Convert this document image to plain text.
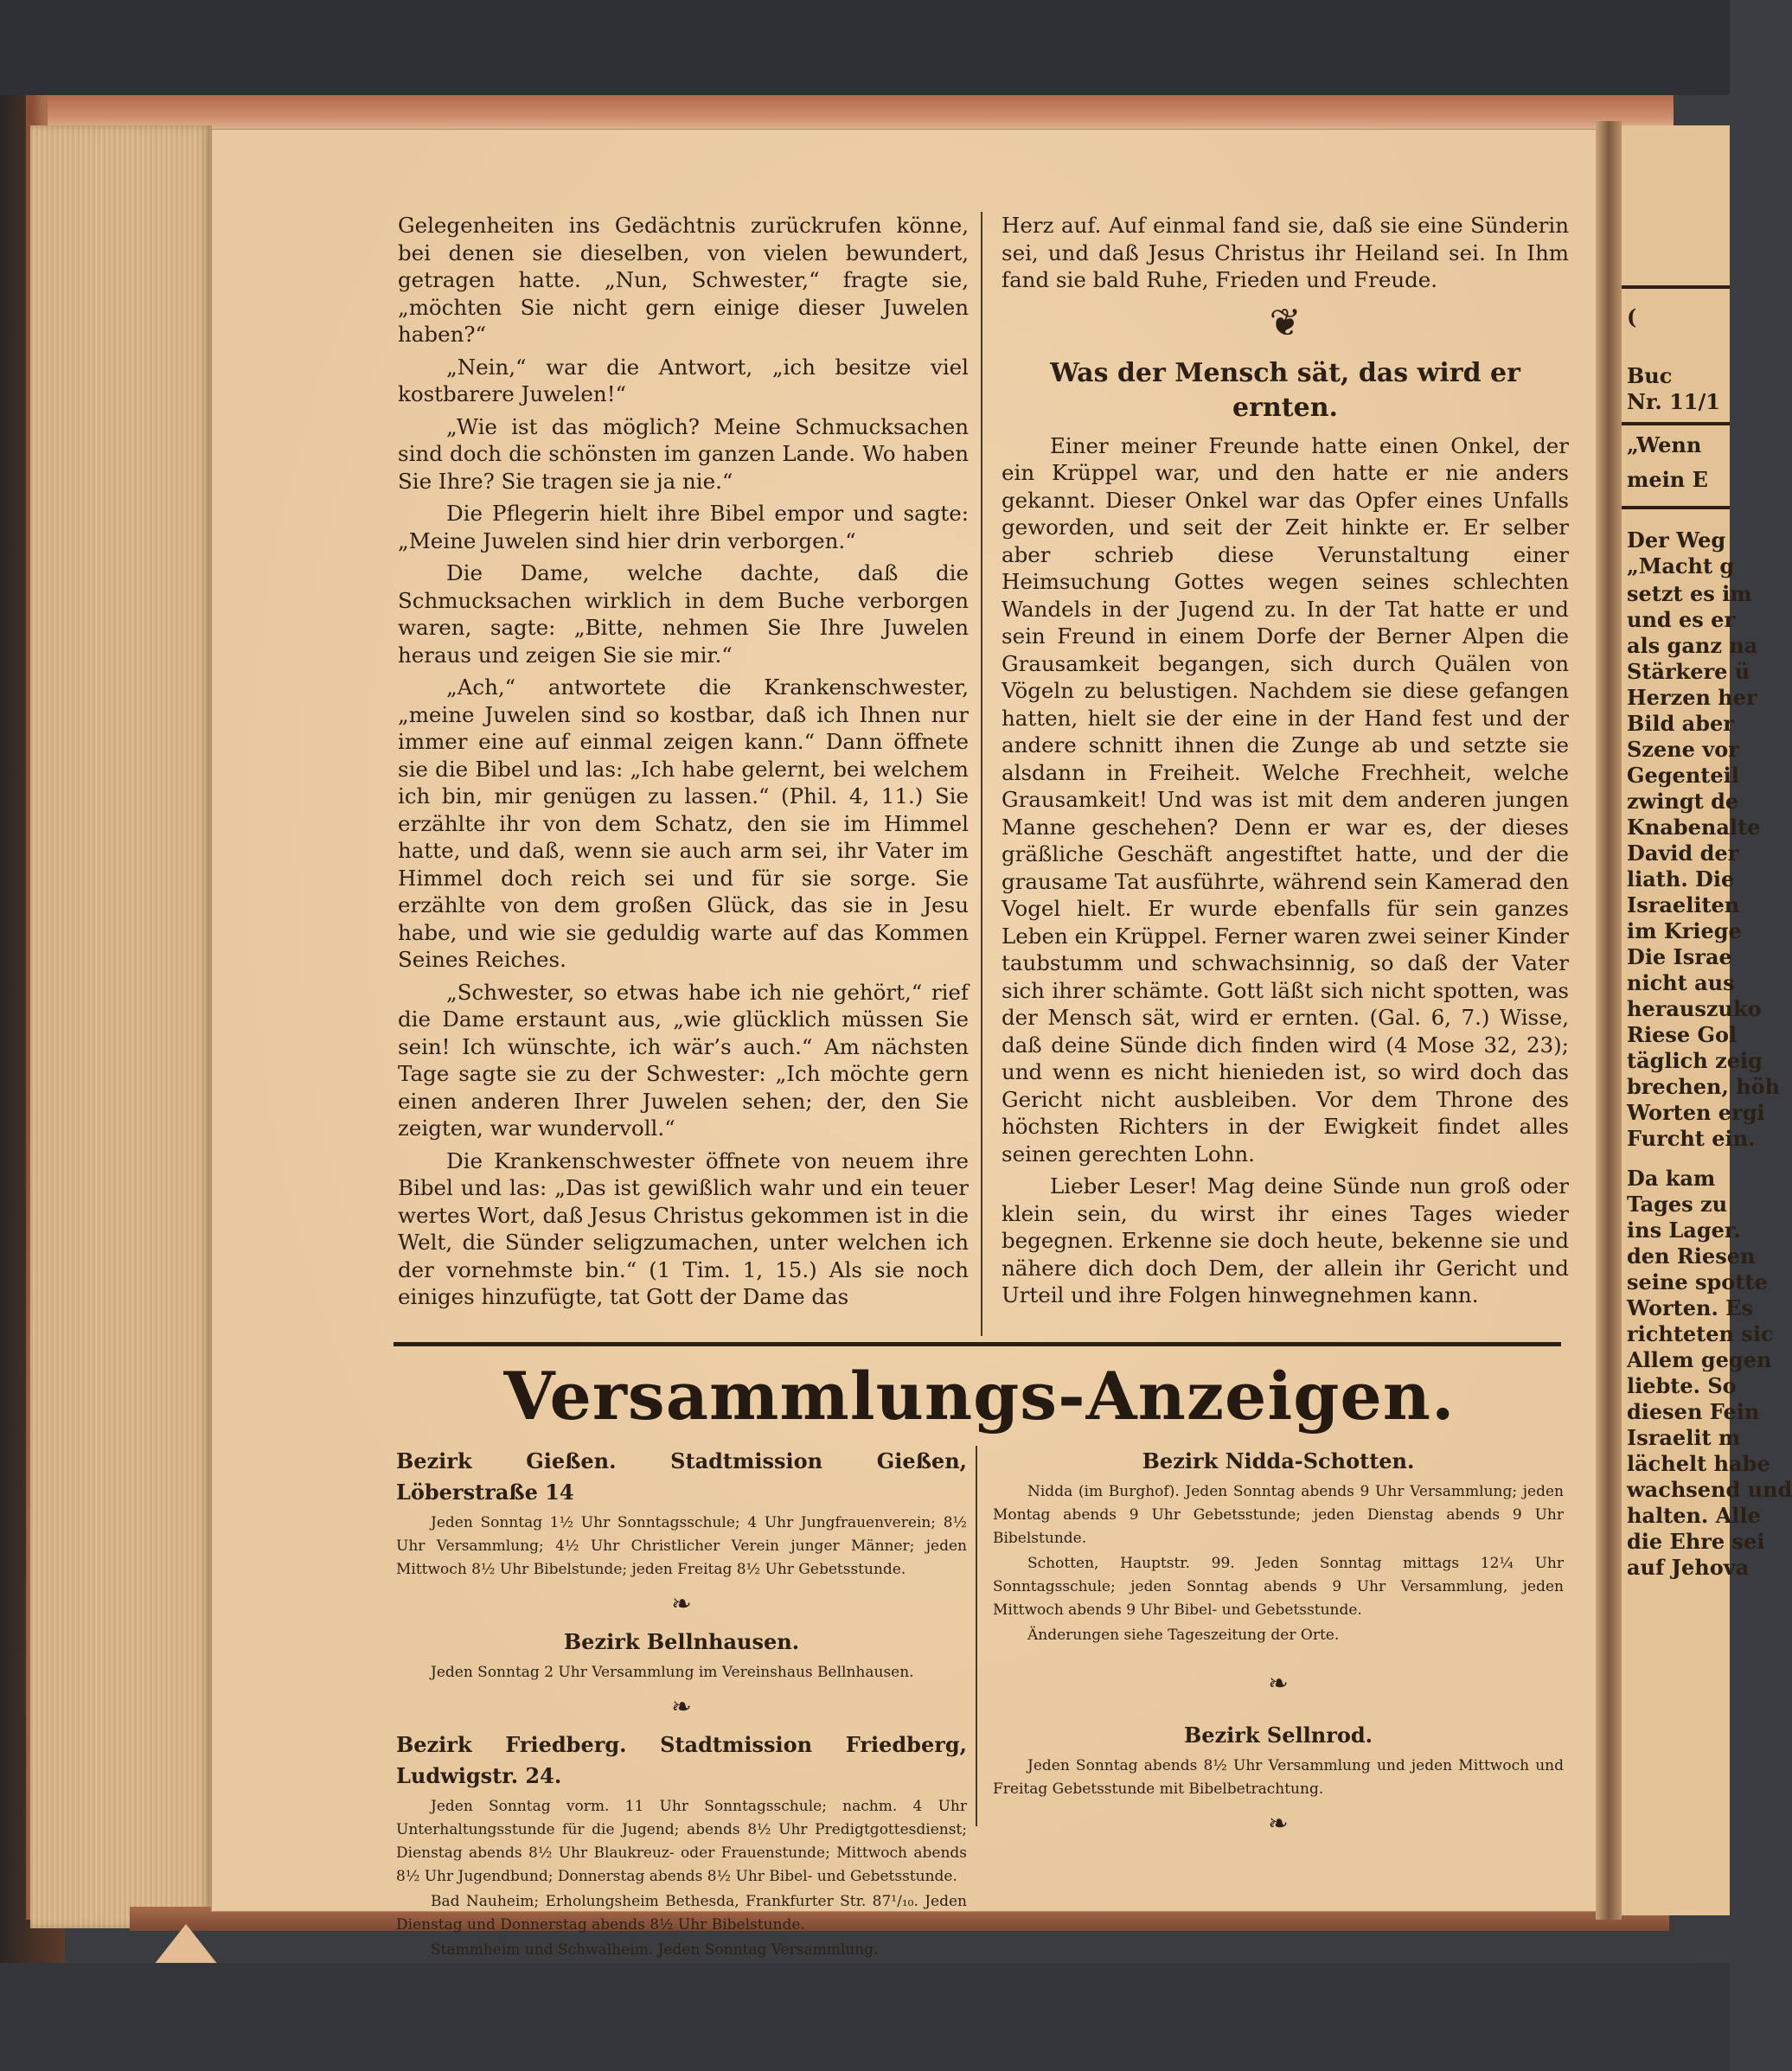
Gelegenheiten ins Gedächtnis zurückrufen könne, bei denen sie dieselben, von vielen bewundert, getragen hatte. „Nun, Schwester,“ fragte sie, „möchten Sie nicht gern einige dieser Juwelen haben?“

„Nein,“ war die Antwort, „ich besitze viel kostbarere Juwelen!“

„Wie ist das möglich? Meine Schmucksachen sind doch die schönsten im ganzen Lande. Wo haben Sie Ihre? Sie tragen sie ja nie.“

Die Pflegerin hielt ihre Bibel empor und sagte: „Meine Juwelen sind hier drin verborgen.“

Die Dame, welche dachte, daß die Schmucksachen wirklich in dem Buche verborgen waren, sagte: „Bitte, nehmen Sie Ihre Juwelen heraus und zeigen Sie sie mir.“

„Ach,“ antwortete die Krankenschwester, „meine Juwelen sind so kostbar, daß ich Ihnen nur immer eine auf einmal zeigen kann.“ Dann öffnete sie die Bibel und las: „Ich habe gelernt, bei welchem ich bin, mir genügen zu lassen.“ (Phil. 4, 11.) Sie erzählte ihr von dem Schatz, den sie im Himmel hatte, und daß, wenn sie auch arm sei, ihr Vater im Himmel doch reich sei und für sie sorge. Sie erzählte von dem großen Glück, das sie in Jesu habe, und wie sie geduldig warte auf das Kommen Seines Reiches.

„Schwester, so etwas habe ich nie gehört,“ rief die Dame erstaunt aus, „wie glücklich müssen Sie sein! Ich wünschte, ich wär’s auch.“ Am nächsten Tage sagte sie zu der Schwester: „Ich möchte gern einen anderen Ihrer Juwelen sehen; der, den Sie zeigten, war wundervoll.“

Die Krankenschwester öffnete von neuem ihre Bibel und las: „Das ist gewißlich wahr und ein teuer wertes Wort, daß Jesus Christus gekommen ist in die Welt, die Sünder seligzumachen, unter welchen ich der vornehmste bin.“ (1 Tim. 1, 15.) Als sie noch einiges hinzufügte, tat Gott der Dame das

Herz auf. Auf einmal fand sie, daß sie eine Sünderin sei, und daß Jesus Christus ihr Heiland sei. In Ihm fand sie bald Ruhe, Frieden und Freude.

❦
Was der Mensch sät, das wird er ernten.

Einer meiner Freunde hatte einen Onkel, der ein Krüppel war, und den hatte er nie anders gekannt. Dieser Onkel war das Opfer eines Unfalls geworden, und seit der Zeit hinkte er. Er selber aber schrieb diese Verunstaltung einer Heimsuchung Gottes wegen seines schlechten Wandels in der Jugend zu. In der Tat hatte er und sein Freund in einem Dorfe der Berner Alpen die Grausamkeit begangen, sich durch Quälen von Vögeln zu belustigen. Nachdem sie diese gefangen hatten, hielt sie der eine in der Hand fest und der andere schnitt ihnen die Zunge ab und setzte sie alsdann in Freiheit. Welche Frechheit, welche Grausamkeit! Und was ist mit dem anderen jungen Manne geschehen? Denn er war es, der dieses gräßliche Geschäft angestiftet hatte, und der die grausame Tat ausführte, während sein Kamerad den Vogel hielt. Er wurde ebenfalls für sein ganzes Leben ein Krüppel. Ferner waren zwei seiner Kinder taubstumm und schwachsinnig, so daß der Vater sich ihrer schämte. Gott läßt sich nicht spotten, was der Mensch sät, wird er ernten. (Gal. 6, 7.) Wisse, daß deine Sünde dich finden wird (4 Mose 32, 23); und wenn es nicht hienieden ist, so wird doch das Gericht nicht ausbleiben. Vor dem Throne des höchsten Richters in der Ewigkeit findet alles seinen gerechten Lohn.

Lieber Leser! Mag deine Sünde nun groß oder klein sein, du wirst ihr eines Tages wieder begegnen. Erkenne sie doch heute, bekenne sie und nähere dich doch Dem, der allein ihr Gericht und Urteil und ihre Folgen hinwegnehmen kann.

Versammlungs-Anzeigen.
Bezirk Gießen. Stadtmission Gießen, Löberstraße 14

Jeden Sonntag 1½ Uhr Sonntagsschule; 4 Uhr Jungfrauenverein; 8½ Uhr Versammlung; 4½ Uhr Christlicher Verein junger Männer; jeden Mittwoch 8½ Uhr Bibelstunde; jeden Freitag 8½ Uhr Gebetsstunde.

❧
Bezirk Bellnhausen.

Jeden Sonntag 2 Uhr Versammlung im Vereinshaus Bellnhausen.

❧
Bezirk Friedberg. Stadtmission Friedberg, Ludwigstr. 24.

Jeden Sonntag vorm. 11 Uhr Sonntagsschule; nachm. 4 Uhr Unterhaltungsstunde für die Jugend; abends 8½ Uhr Predigtgottesdienst; Dienstag abends 8½ Uhr Blaukreuz- oder Frauenstunde; Mittwoch abends 8½ Uhr Jugendbund; Donnerstag abends 8½ Uhr Bibel- und Gebetsstunde.

Bad Nauheim; Erholungsheim Bethesda, Frankfurter Str. 87¹/₁₀. Jeden Dienstag und Donnerstag abends 8½ Uhr Bibelstunde.

Stammheim und Schwalheim. Jeden Sonntag Versammlung.

Bezirk Nidda-Schotten.

Nidda (im Burghof). Jeden Sonntag abends 9 Uhr Versammlung; jeden Montag abends 9 Uhr Gebetsstunde; jeden Dienstag abends 9 Uhr Bibelstunde.

Schotten, Hauptstr. 99. Jeden Sonntag mittags 12¼ Uhr Sonntagsschule; jeden Sonntag abends 9 Uhr Versammlung, jeden Mittwoch abends 9 Uhr Bibel- und Gebetsstunde.

Änderungen siehe Tageszeitung der Orte.

❧
Bezirk Sellnrod.

Jeden Sonntag abends 8½ Uhr Versammlung und jeden Mittwoch und Freitag Gebetsstunde mit Bibelbetrachtung.

❧
(
Buc
Nr. 11/1
„Wenn
mein E
Der Weg
„Macht g
setzt es im
und es er
als ganz na
Stärkere ü
Herzen her
Bild aber
Szene vor
Gegenteil
zwingt de
Knabenalte
David der
liath. Die
Israeliten
im Kriege
Die Israe
nicht aus
herauszuko
Riese Gol
täglich zeig
brechen, höh
Worten ergi
Furcht ein.
Da kam
Tages zu
ins Lager.
den Riesen
seine spotte
Worten. Es
richteten sic
Allem gegen
liebte. So
diesen Fein
Israelit m
lächelt habe
wachsend und
halten. Alle
die Ehre sei
auf Jehova
